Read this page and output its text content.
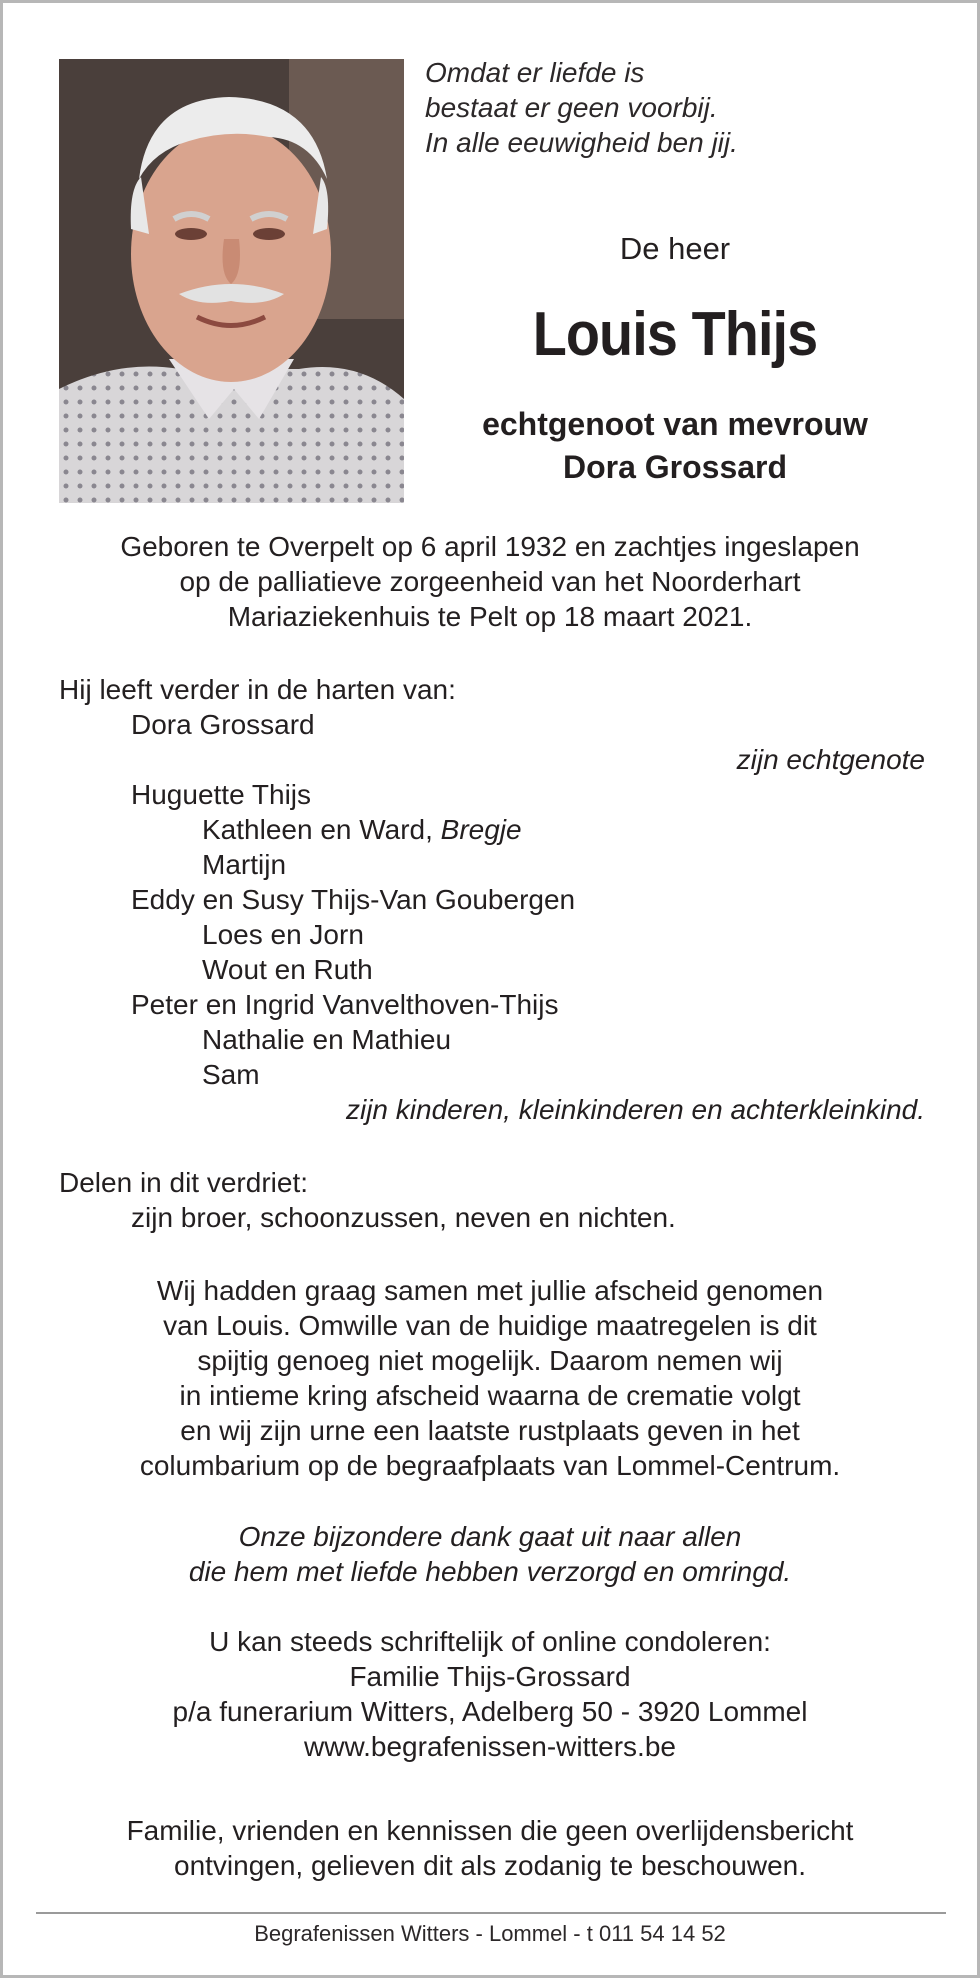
Omdat er liefde is
bestaat er geen voorbij.
In alle eeuwigheid ben jij.
De heer
Louis Thijs
echtgenoot van mevrouw
Dora Grossard
Geboren te Overpelt op 6 april 1932 en zachtjes ingeslapen
op de palliatieve zorgeenheid van het Noorderhart
Mariaziekenhuis te Pelt op 18 maart 2021.
Hij leeft verder in de harten van:
Dora Grossard
zijn echtgenote
Huguette Thijs
Kathleen en Ward, Bregje
Martijn
Eddy en Susy Thijs-Van Goubergen
Loes en Jorn
Wout en Ruth
Peter en Ingrid Vanvelthoven-Thijs
Nathalie en Mathieu
Sam
zijn kinderen, kleinkinderen en achterkleinkind.
Delen in dit verdriet:
zijn broer, schoonzussen, neven en nichten.
Wij hadden graag samen met jullie afscheid genomen
van Louis. Omwille van de huidige maatregelen is dit
spijtig genoeg niet mogelijk. Daarom nemen wij
in intieme kring afscheid waarna de crematie volgt
en wij zijn urne een laatste rustplaats geven in het
columbarium op de begraafplaats van Lommel-Centrum.
Onze bijzondere dank gaat uit naar allen
die hem met liefde hebben verzorgd en omringd.
U kan steeds schriftelijk of online condoleren:
Familie Thijs-Grossard
p/a funerarium Witters, Adelberg 50 - 3920 Lommel
www.begrafenissen-witters.be
Familie, vrienden en kennissen die geen overlijdensbericht
ontvingen, gelieven dit als zodanig te beschouwen.
Begrafenissen Witters - Lommel - t 011 54 14 52
